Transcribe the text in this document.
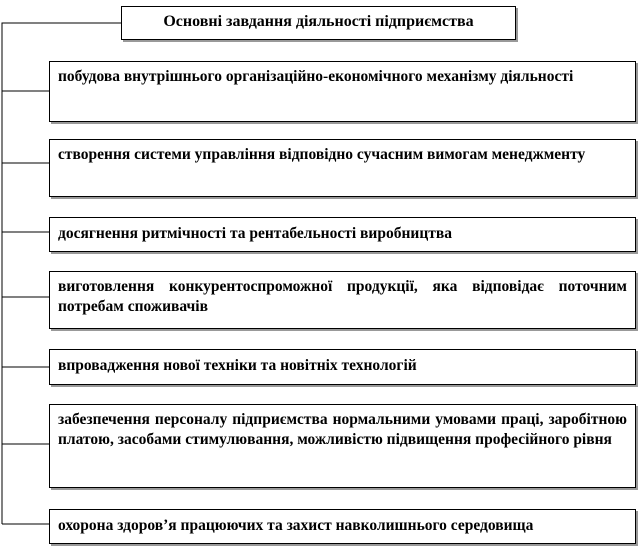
Основні завдання діяльності підприємства
побудова внутрішнього організаційно-економічного механізму діяльності
створення системи управління відповідно сучасним вимогам менеджменту
досягнення ритмічності та рентабельності виробництва
виготовлення конкурентоспроможної продукції, яка відповідає поточним потребам споживачів
впровадження нової техніки та новітніх технологій
забезпечення персоналу підприємства нормальними умовами праці, заробітною платою, засобами стимулювання, можливістю підвищення професійного рівня
охорона здоров’я працюючих та захист навколишнього середовища
